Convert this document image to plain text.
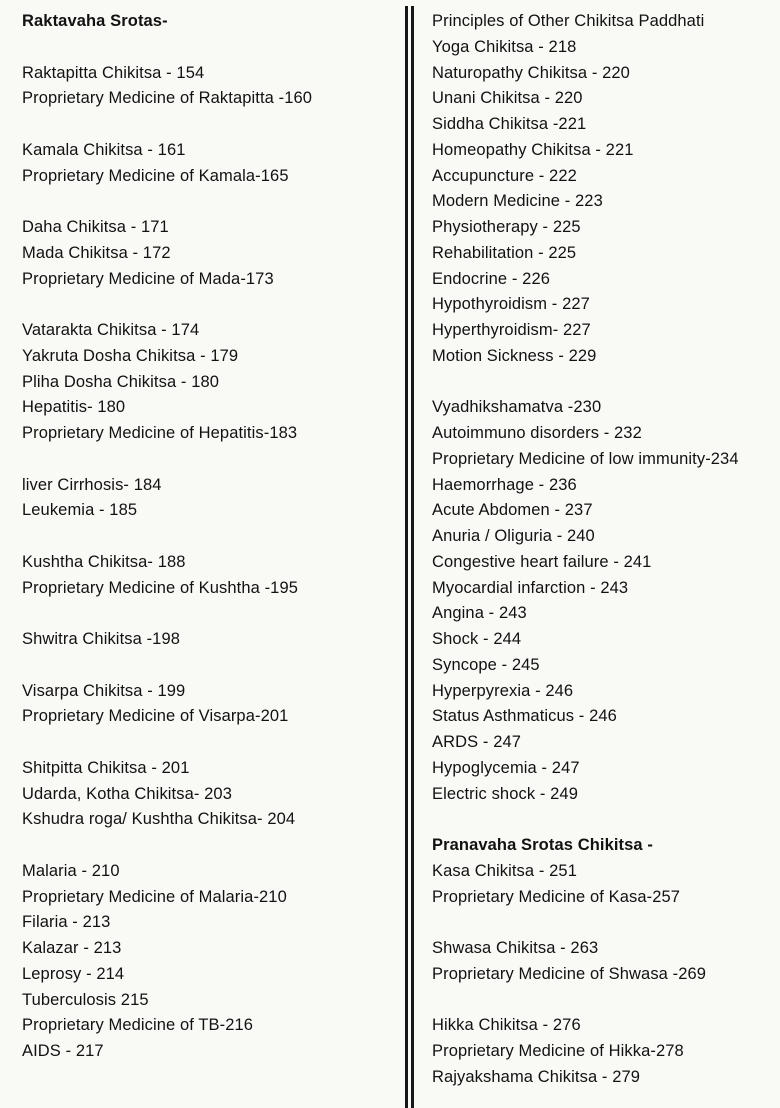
Raktavaha Srotas-

Raktapitta Chikitsa - 154
Proprietary Medicine of Raktapitta -160

Kamala Chikitsa - 161
Proprietary Medicine of Kamala-165

Daha Chikitsa - 171
Mada Chikitsa - 172
Proprietary Medicine of Mada-173

Vatarakta Chikitsa - 174
Yakruta Dosha Chikitsa - 179
Pliha Dosha Chikitsa - 180
Hepatitis- 180
Proprietary Medicine of Hepatitis-183

liver Cirrhosis- 184
Leukemia - 185

Kushtha Chikitsa- 188
Proprietary Medicine of Kushtha -195

Shwitra Chikitsa -198

Visarpa Chikitsa - 199
Proprietary Medicine of Visarpa-201

Shitpitta Chikitsa - 201
Udarda, Kotha Chikitsa- 203
Kshudra roga/ Kushtha Chikitsa- 204

Malaria - 210
Proprietary Medicine of Malaria-210
Filaria - 213
Kalazar - 213
Leprosy - 214
Tuberculosis 215
Proprietary Medicine of TB-216
AIDS - 217
Principles of Other Chikitsa Paddhati
Yoga Chikitsa - 218
Naturopathy Chikitsa - 220
Unani Chikitsa - 220
Siddha Chikitsa -221
Homeopathy Chikitsa - 221
Accupuncture - 222
Modern Medicine - 223
Physiotherapy - 225
Rehabilitation - 225
Endocrine - 226
Hypothyroidism - 227
Hyperthyroidism- 227
Motion Sickness - 229

Vyadhikshamatva -230
Autoimmuno disorders - 232
Proprietary Medicine of low immunity-234
Haemorrhage - 236
Acute Abdomen - 237
Anuria / Oliguria - 240
Congestive heart failure - 241
Myocardial infarction - 243
Angina - 243
Shock - 244
Syncope - 245
Hyperpyrexia - 246
Status Asthmaticus - 246
ARDS - 247
Hypoglycemia - 247
Electric shock - 249

Pranavaha Srotas Chikitsa -
Kasa Chikitsa - 251
Proprietary Medicine of Kasa-257

Shwasa Chikitsa - 263
Proprietary Medicine of Shwasa -269

Hikka Chikitsa - 276
Proprietary Medicine of Hikka-278
Rajyakshama Chikitsa - 279
